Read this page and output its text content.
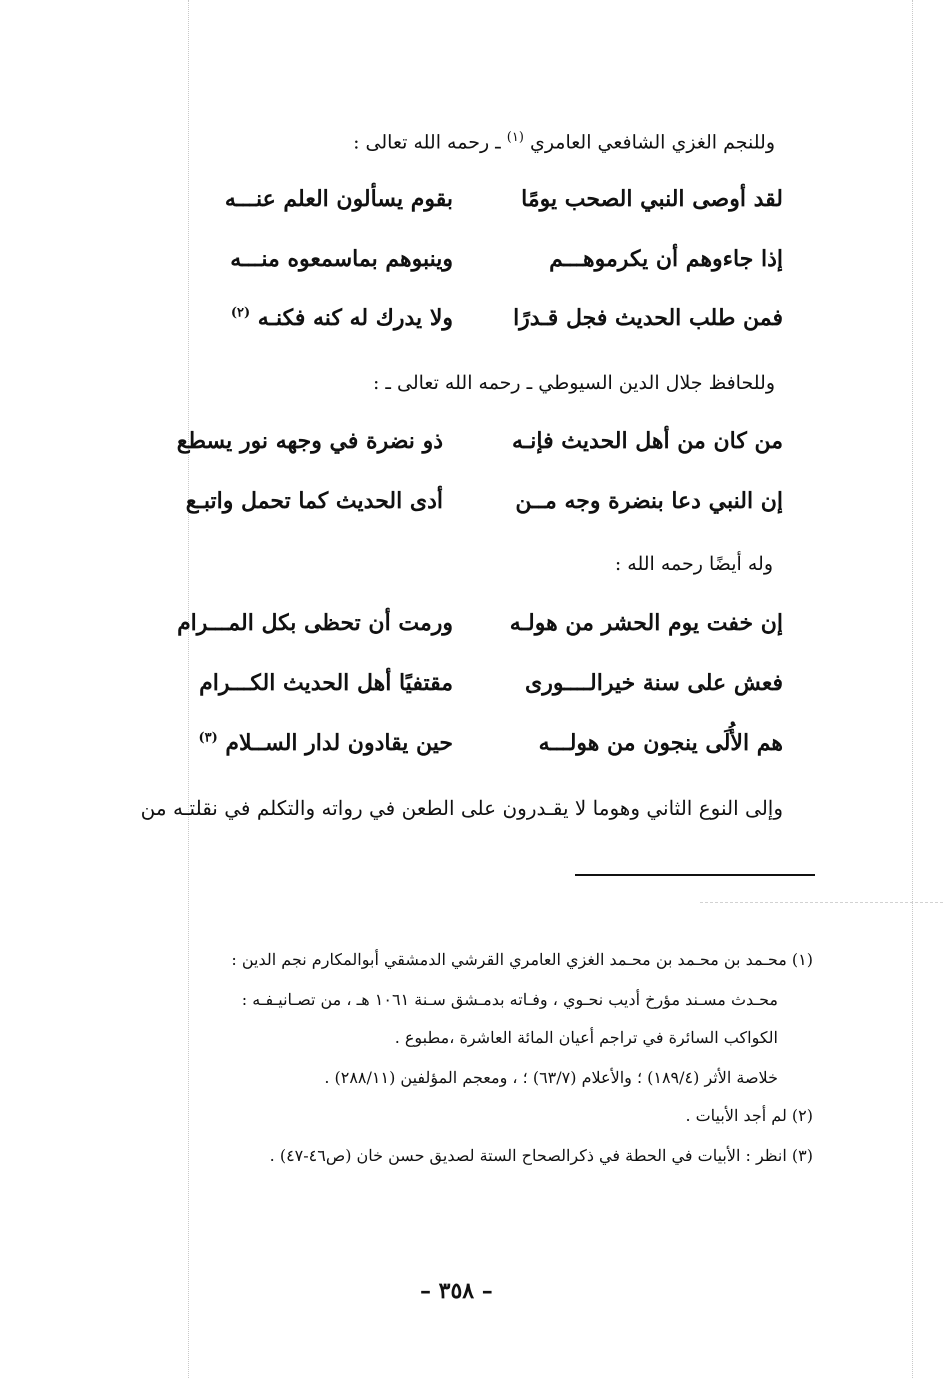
وللنجم الغزي الشافعي العامري $^{(١)}$ ـ رحمه الله تعالى :
لقد أوصى النبي الصحب يومًا
بقوم يسألون العلم عنـــه
إذا جاءوهم أن يكرموهـــم
وينبوهم بماسمعوه منـــه
فمن طلب الحديث فجل قـدرًا
ولا يدرك له كنه فكنـه $^{(٢)}$
وللحافظ جلال الدين السيوطي ـ رحمه الله تعالى ـ :
من كان من أهل الحديث فإنـه
ذو نضرة في وجهه نور يسطع
إن النبي دعا بنضرة وجه مــن
أدى الحديث كما تحمل واتبـع
وله أيضًا رحمه الله :
إن خفت يوم الحشر من هولـه
ورمت أن تحظى بكل المـــرام
فعش على سنة خيرالــــورى
مقتفيًا أهل الحديث الكـــرام
هم الأُلَى ينجون من هولـــه
حين يقادون لدار الســلام $^{(٣)}$
وإلى النوع الثاني وهوما لا يقـدرون على الطعن في رواته والتكلم في نقلتـه من
(١) محـمد بن محـمد بن محـمد الغزي العامري القرشي الدمشقي أبوالمكارم نجم الدين :
محـدث مسـند مؤرخ أديب نحـوي ، وفـاته بدمـشق سـنة ١٠٦١ هـ ، من تصـانيـفـه :
الكواكب السائرة في تراجم أعيان المائة العاشرة ،مطبوع .
خلاصة الأثر (١٨٩/٤) ؛ والأعلام (٦٣/٧) ؛ ، ومعجم المؤلفين (٢٨٨/١١) .
(٢) لم أجد الأبيات .
(٣) انظر : الأبيات في الحطة في ذكرالصحاح الستة لصديق حسن خان (ص٤٦-٤٧) .
– ٣٥٨ –
